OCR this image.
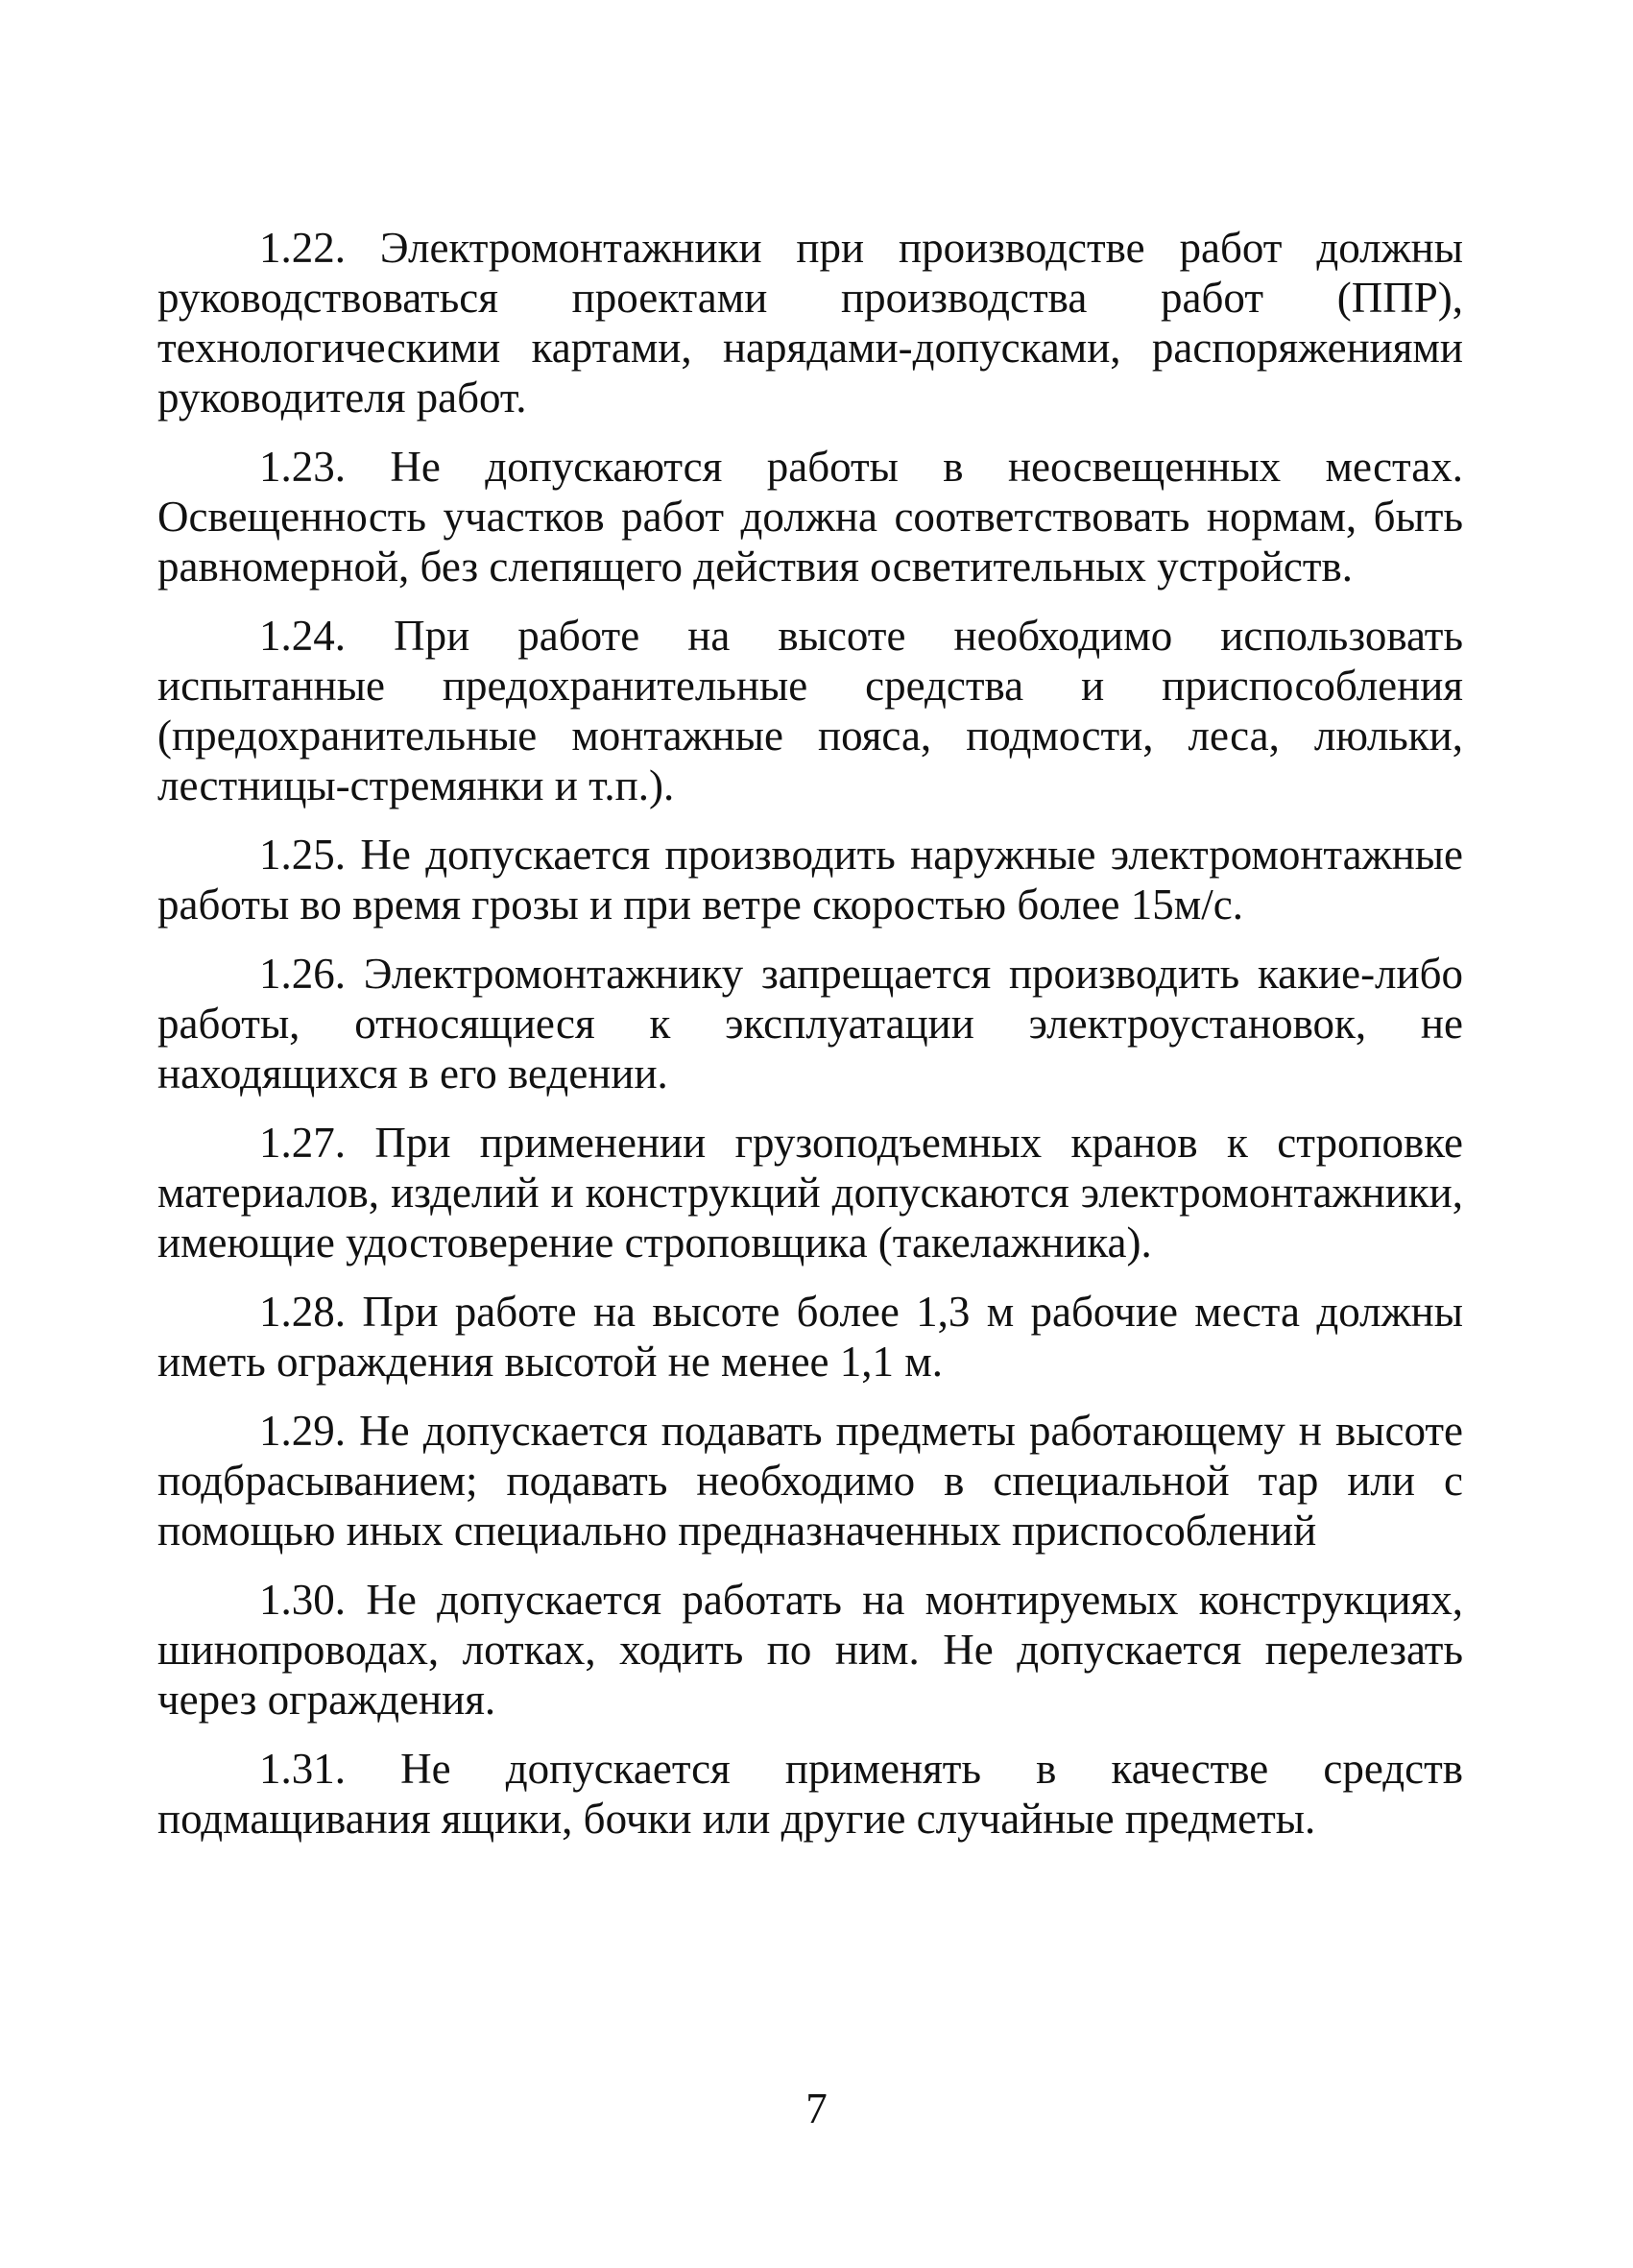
1.22. Электромонтажники при производстве работ должны руководствоваться проектами производства работ (ППР), технологическими картами, нарядами-допусками, распоряжениями руководителя работ.

1.23. Не допускаются работы в неосвещенных местах. Освещенность участков работ должна соответствовать нормам, быть равномерной, без слепящего действия осветительных устройств.

1.24. При работе на высоте необходимо использовать испытанные предохранительные средства и приспособления (предохранительные монтажные пояса, подмости, леса, люльки, лестницы-стремянки и т.п.).

1.25. Не допускается производить наружные электромонтажные работы во время грозы и при ветре скоростью более 15м/с.

1.26. Электромонтажнику запрещается производить какие-либо работы, относящиеся к эксплуатации электроустановок, не находящихся в его ведении.

1.27. При применении грузоподъемных кранов к строповке материалов, изделий и конструкций допускаются электромонтажники, имеющие удостоверение строповщика (такелажника).

1.28. При работе на высоте более 1,3 м рабочие места должны иметь ограждения высотой не менее 1,1 м.

1.29. Не допускается подавать предметы работающему н высоте подбрасыванием; подавать необходимо в специальной тар или с помощью иных специально предназначенных приспособлений

1.30. Не допускается работать на монтируемых конструкциях, шинопроводах, лотках, ходить по ним. Не допускается перелезать через ограждения.

1.31. Не допускается применять в качестве средств подмащивания ящики, бочки или другие случайные предметы.

7
